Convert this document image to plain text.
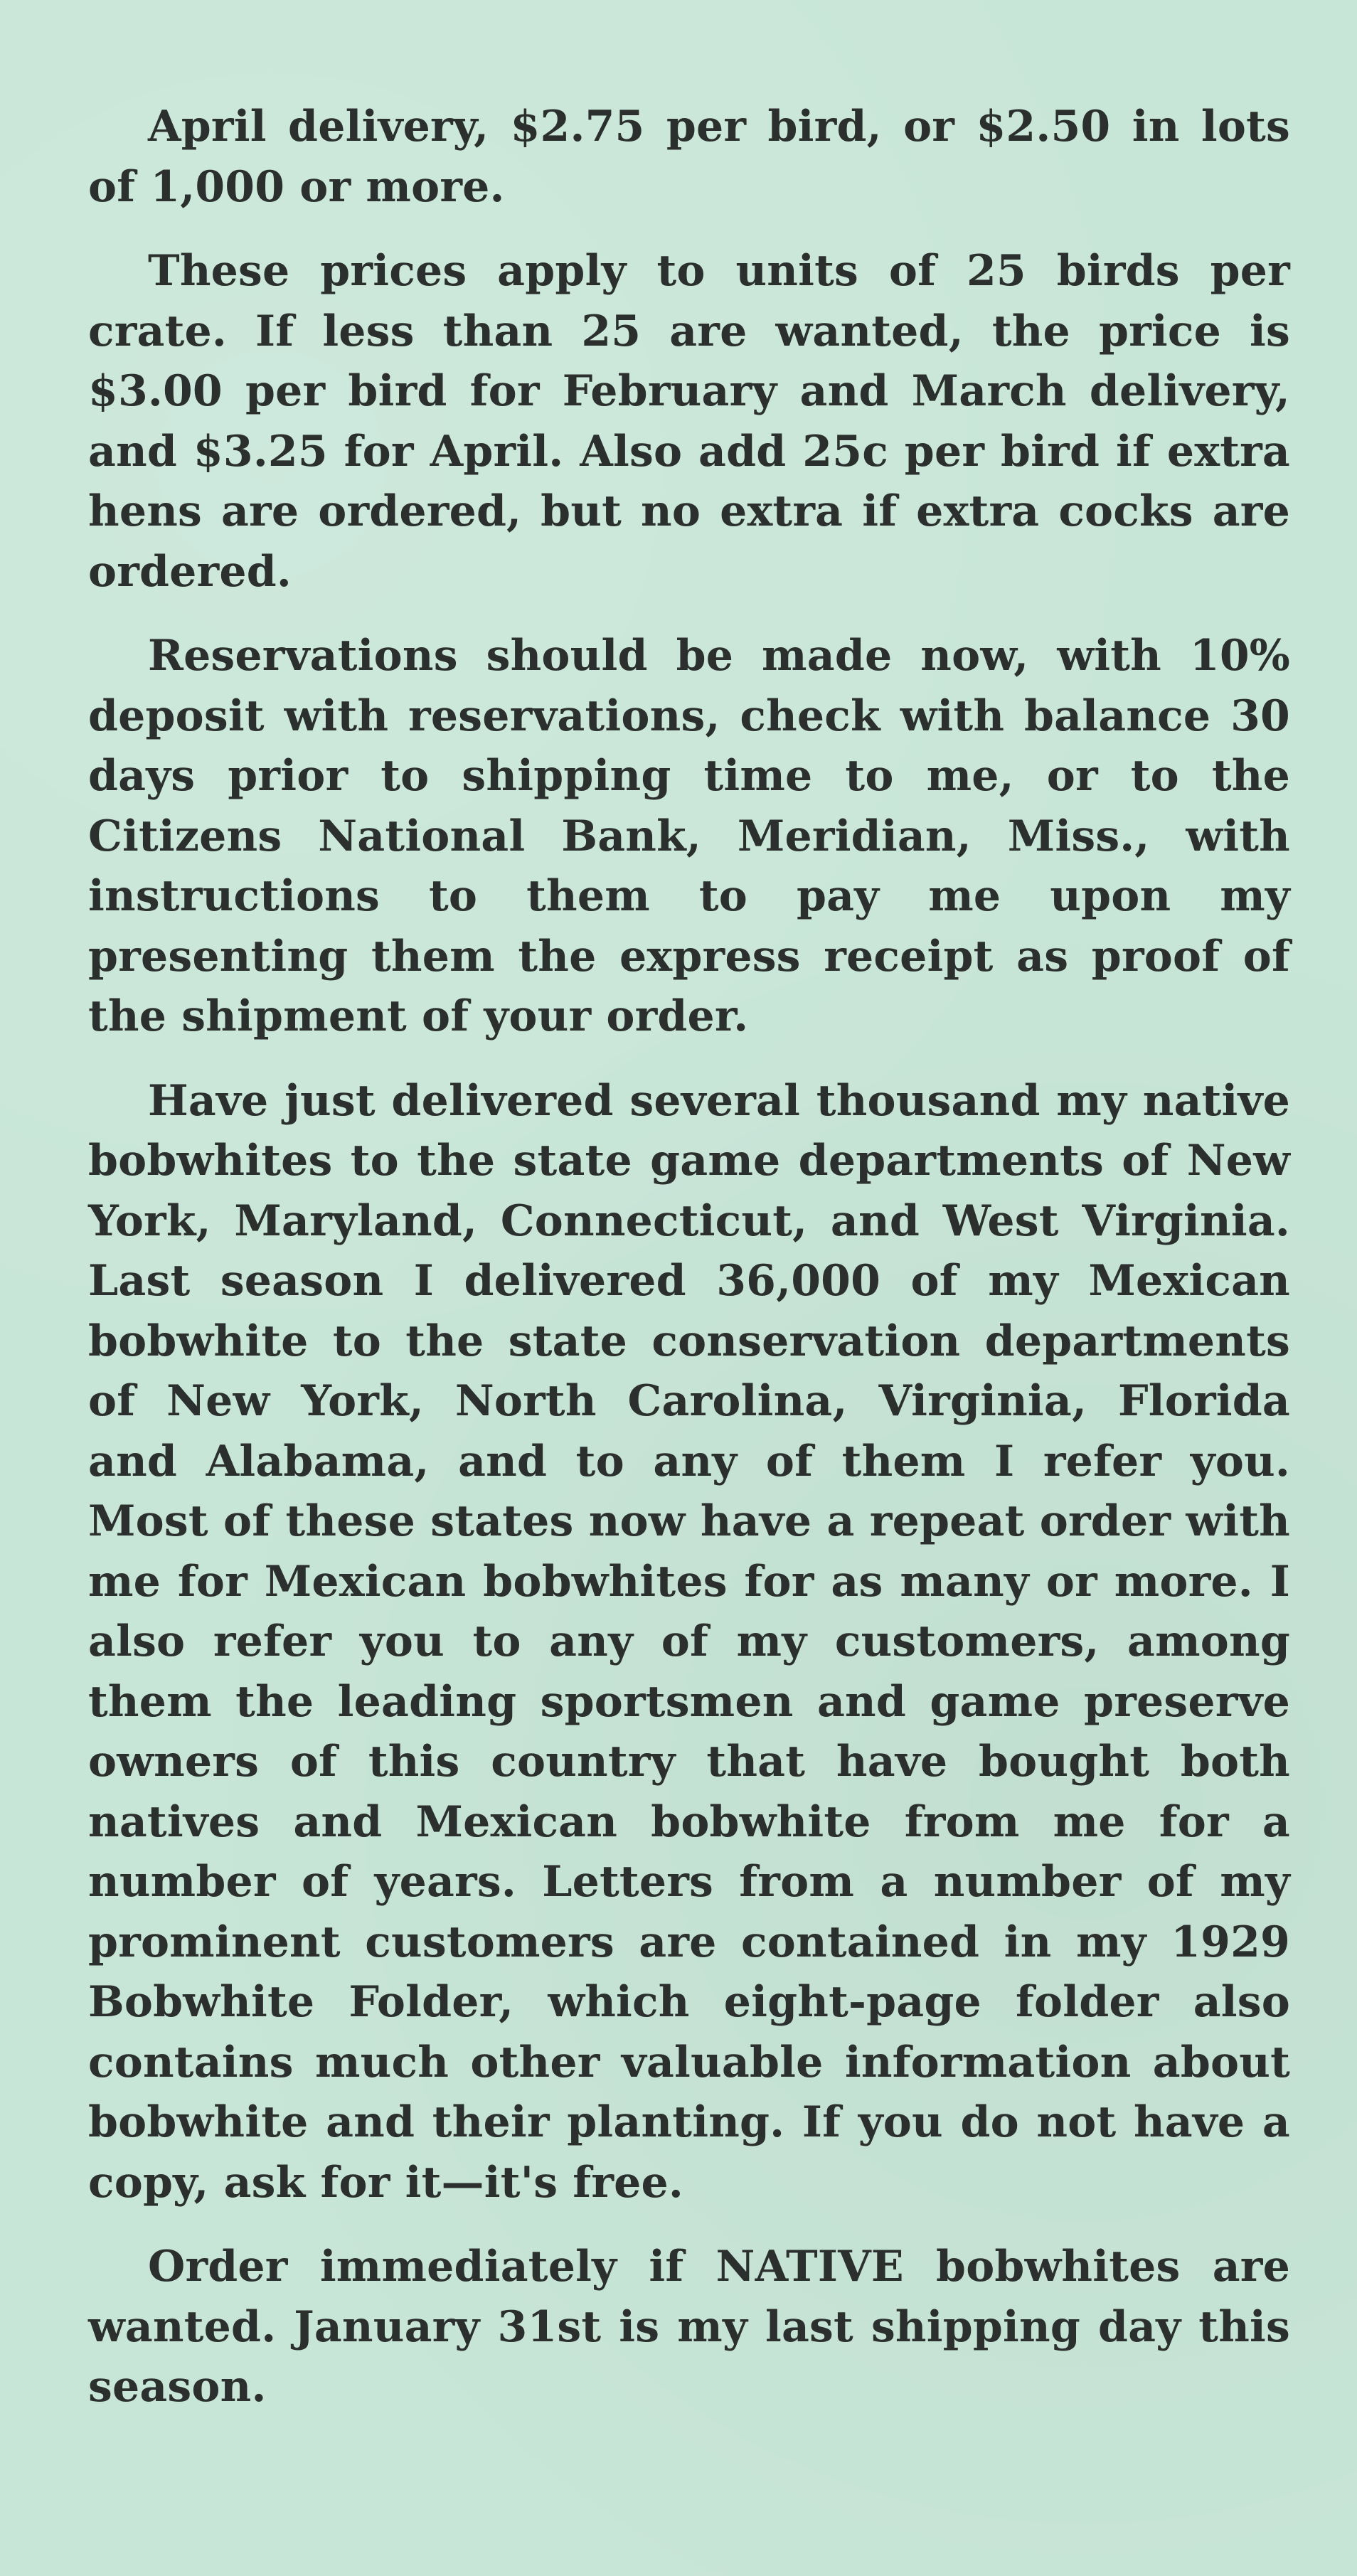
April delivery, $2.75 per bird, or $2.50 in lots of 1,000 or more.

These prices apply to units of 25 birds per crate. If less than 25 are wanted, the price is $3.00 per bird for February and March delivery, and $3.25 for April. Also add 25c per bird if extra hens are ordered, but no extra if extra cocks are ordered.

Reservations should be made now, with 10% deposit with reservations, check with balance 30 days prior to shipping time to me, or to the Citizens National Bank, Meridian, Miss., with instructions to them to pay me upon my presenting them the express receipt as proof of the shipment of your order.

Have just delivered several thousand my native bobwhites to the state game departments of New York, Maryland, Connecticut, and West Virginia. Last season I delivered 36,000 of my Mexican bobwhite to the state conservation departments of New York, North Carolina, Virginia, Florida and Alabama, and to any of them I refer you. Most of these states now have a repeat order with me for Mexican bobwhites for as many or more. I also refer you to any of my customers, among them the leading sportsmen and game preserve owners of this country that have bought both natives and Mexican bobwhite from me for a number of years. Letters from a number of my prominent customers are contained in my 1929 Bobwhite Folder, which eight-page folder also contains much other valuable information about bobwhite and their planting. If you do not have a copy, ask for it—it's free.

Order immediately if NATIVE bobwhites are wanted. January 31st is my last shipping day this season.
